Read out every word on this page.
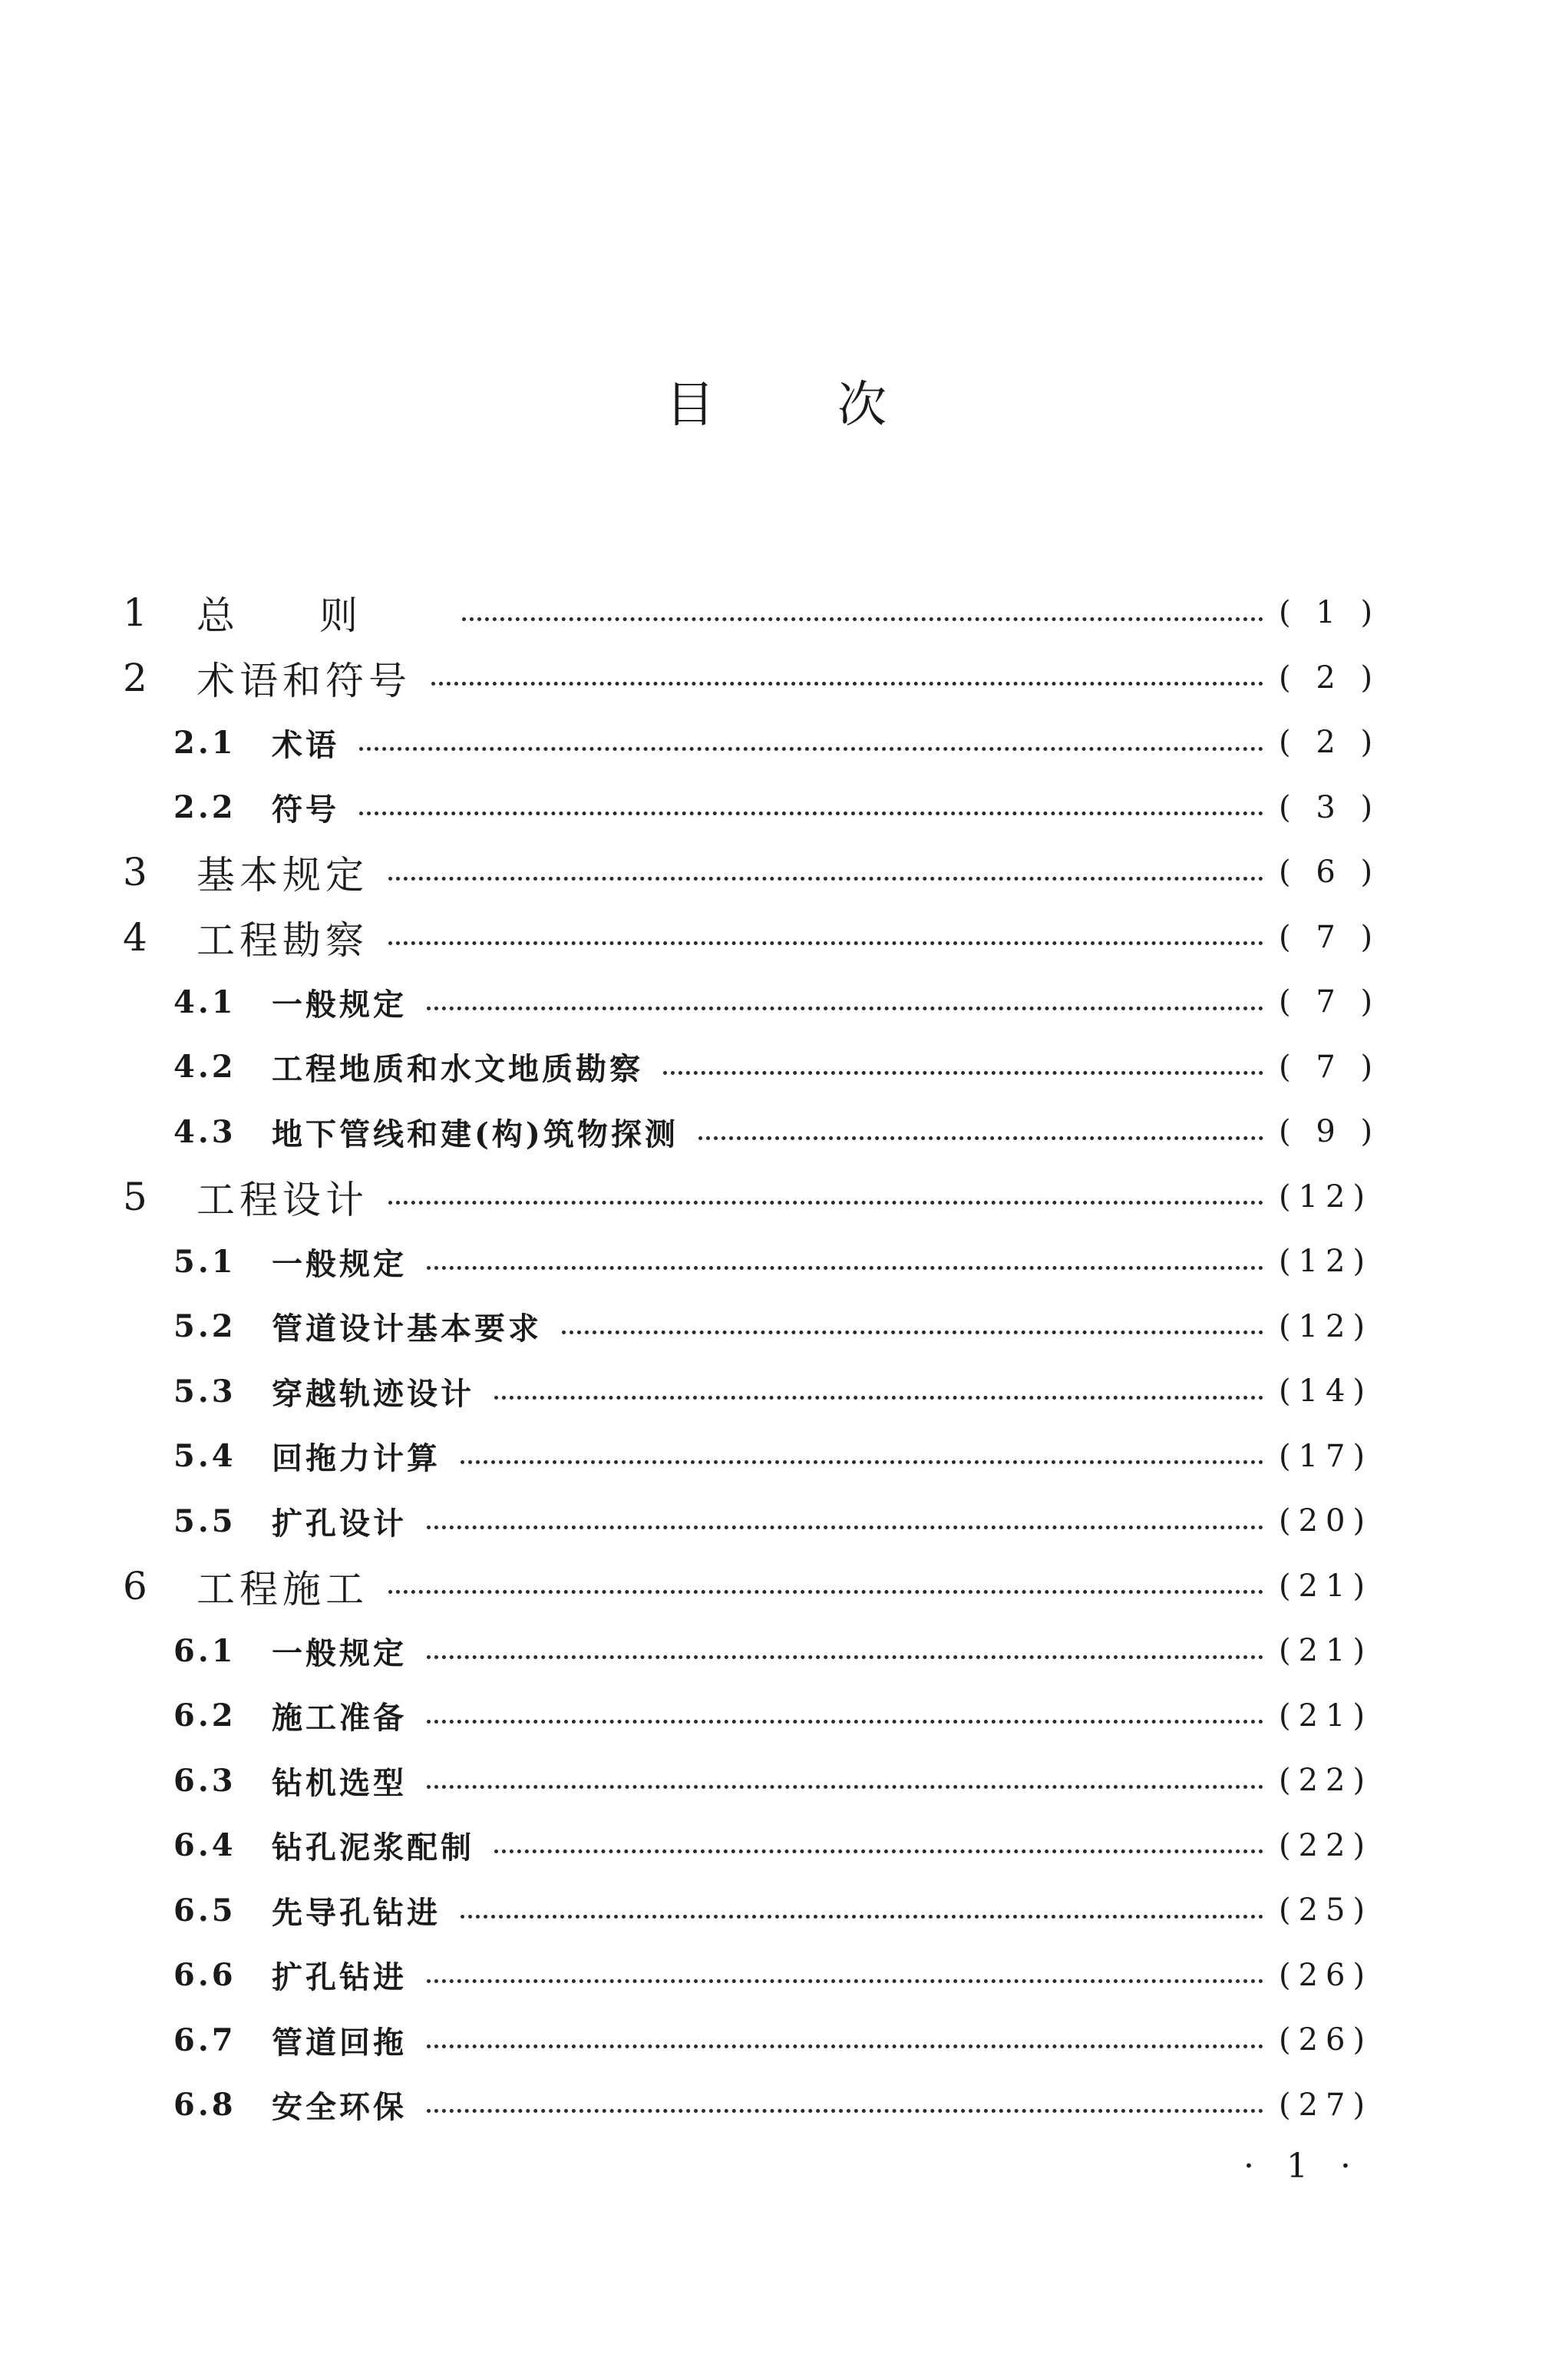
目次
1	总则	( 1 )
2	术语和符号	( 2 )
2.1	术语	( 2 )
2.2	符号	( 3 )
3	基本规定	( 6 )
4	工程勘察	( 7 )
4.1	一般规定	( 7 )
4.2	工程地质和水文地质勘察	( 7 )
4.3	地下管线和建(构)筑物探测	( 9 )
5	工程设计	(12)
5.1	一般规定	(12)
5.2	管道设计基本要求	(12)
5.3	穿越轨迹设计	(14)
5.4	回拖力计算	(17)
5.5	扩孔设计	(20)
6	工程施工	(21)
6.1	一般规定	(21)
6.2	施工准备	(21)
6.3	钻机选型	(22)
6.4	钻孔泥浆配制	(22)
6.5	先导孔钻进	(25)
6.6	扩孔钻进	(26)
6.7	管道回拖	(26)
6.8	安全环保	(27)
· 1 ·
